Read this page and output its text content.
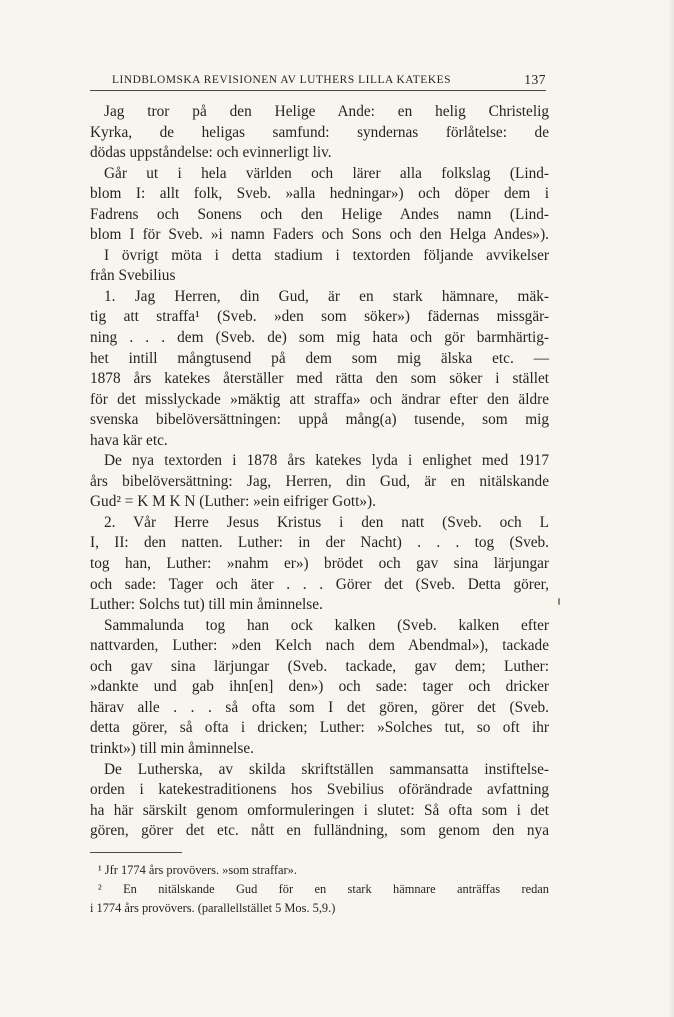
LINDBLOMSKA REVISIONEN AV LUTHERS LILLA KATEKES	137
Jag tror på den Helige Ande: en helig Christelig
Kyrka, de heligas samfund: syndernas förlåtelse: de
dödas uppståndelse: och evinnerligt liv.
Går ut i hela världen och lärer alla folkslag (Lind-
blom I: allt folk, Sveb. »alla hedningar») och döper dem i
Fadrens och Sonens och den Helige Andes namn (Lind-
blom I för Sveb. »i namn Faders och Sons och den Helga Andes»).
I övrigt möta i detta stadium i textorden följande avvikelser
från Svebilius
1. Jag Herren, din Gud, är en stark hämnare, mäk-
tig att straffa¹ (Sveb. »den som söker») fädernas missgär-
ning . . . dem (Sveb. de) som mig hata och gör barmhärtig-
het intill mångtusend på dem som mig älska etc. —
1878 års katekes återställer med rätta den som söker i stället
för det misslyckade »mäktig att straffa» och ändrar efter den äldre
svenska bibelöversättningen: uppå mång(a) tusende, som mig
hava kär etc.
De nya textorden i 1878 års katekes lyda i enlighet med 1917
års bibelöversättning: Jag, Herren, din Gud, är en nitälskande
Gud² = K M K N (Luther: »ein eifriger Gott»).
2. Vår Herre Jesus Kristus i den natt (Sveb. och L
I, II: den natten. Luther: in der Nacht) . . . tog (Sveb.
tog han, Luther: »nahm er») brödet och gav sina lärjungar
och sade: Tager och äter . . . Görer det (Sveb. Detta görer,
Luther: Solchs tut) till min åminnelse.
Sammalunda tog han ock kalken (Sveb. kalken efter
nattvarden, Luther: »den Kelch nach dem Abendmal»), tackade
och gav sina lärjungar (Sveb. tackade, gav dem; Luther:
»dankte und gab ihn[en] den») och sade: tager och dricker
härav alle . . . så ofta som I det gören, görer det (Sveb.
detta görer, så ofta i dricken; Luther: »Solches tut, so oft ihr
trinkt») till min åminnelse.
De Lutherska, av skilda skriftställen sammansatta instiftelse-
orden i katekestraditionens hos Svebilius oförändrade avfattning
ha här särskilt genom omformuleringen i slutet: Så ofta som i det
gören, görer det etc. nått en fulländning, som genom den nya
¹ Jfr 1774 års provövers. »som straffar».
² En nitälskande Gud för en stark hämnare anträffas redan
i 1774 års provövers. (parallellstället 5 Mos. 5,9.)
